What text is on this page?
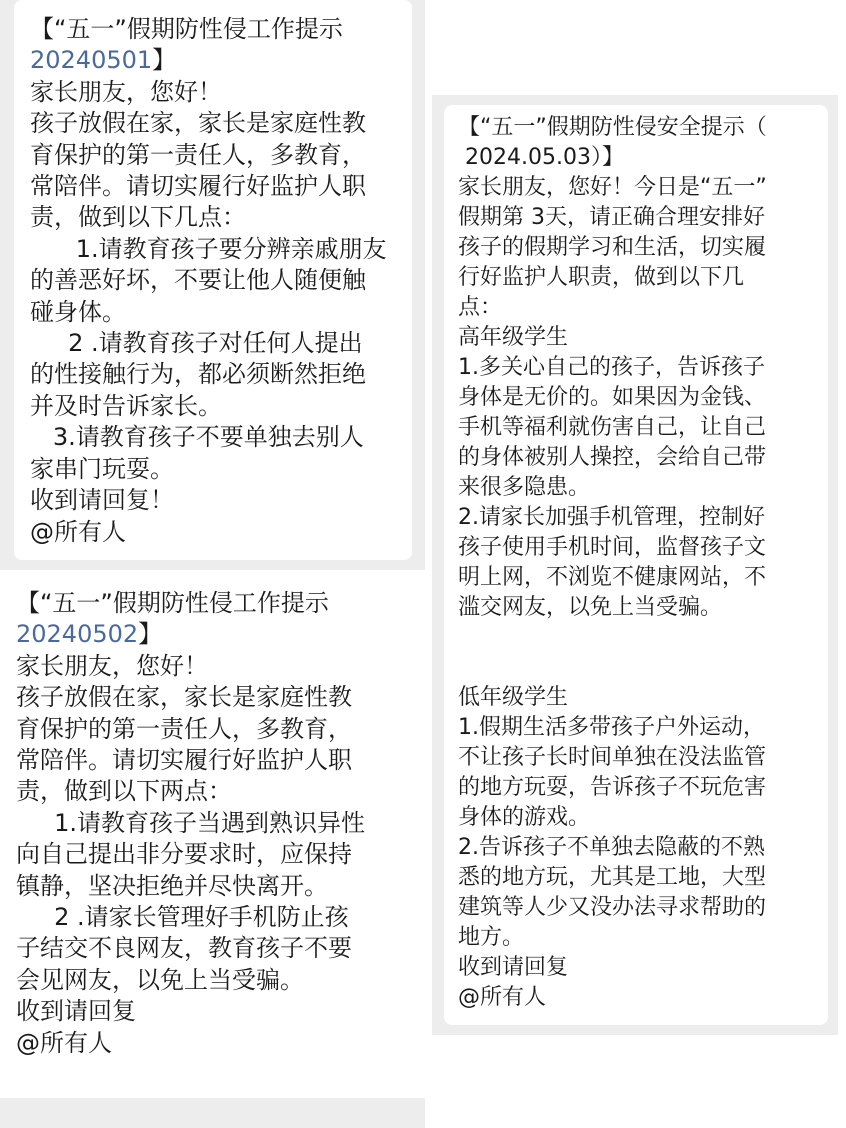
【“五一”假期防性侵工作提示
20240501】
家长朋友，您好！
孩子放假在家，家长是家庭性教
育保护的第一责任人，多教育，
常陪伴。请切实履行好监护人职
责，做到以下几点：
1.请教育孩子要分辨亲戚朋友
的善恶好坏，不要让他人随便触
碰身体。
2 .请教育孩子对任何人提出
的性接触行为，都必须断然拒绝
并及时告诉家长。
3.请教育孩子不要单独去别人
家串门玩耍。
收到请回复！
@所有人
【“五一”假期防性侵工作提示
20240502】
家长朋友，您好！
孩子放假在家，家长是家庭性教
育保护的第一责任人，多教育，
常陪伴。请切实履行好监护人职
责，做到以下两点：
1.请教育孩子当遇到熟识异性
向自己提出非分要求时，应保持
镇静，坚决拒绝并尽快离开。
2 .请家长管理好手机防止孩
子结交不良网友，教育孩子不要
会见网友，以免上当受骗。
收到请回复
@所有人
【“五一”假期防性侵安全提示（
2024.05.03）】
家长朋友，您好！今日是“五一”
假期第 3天，请正确合理安排好
孩子的假期学习和生活，切实履
行好监护人职责，做到以下几
点：
高年级学生
1.多关心自己的孩子，告诉孩子
身体是无价的。如果因为金钱、
手机等福利就伤害自己，让自己
的身体被别人操控，会给自己带
来很多隐患。
2.请家长加强手机管理，控制好
孩子使用手机时间，监督孩子文
明上网，不浏览不健康网站，不
滥交网友，以免上当受骗。
低年级学生
1.假期生活多带孩子户外运动，
不让孩子长时间单独在没法监管
的地方玩耍，告诉孩子不玩危害
身体的游戏。
2.告诉孩子不单独去隐蔽的不熟
悉的地方玩，尤其是工地，大型
建筑等人少又没办法寻求帮助的
地方。
收到请回复
@所有人
